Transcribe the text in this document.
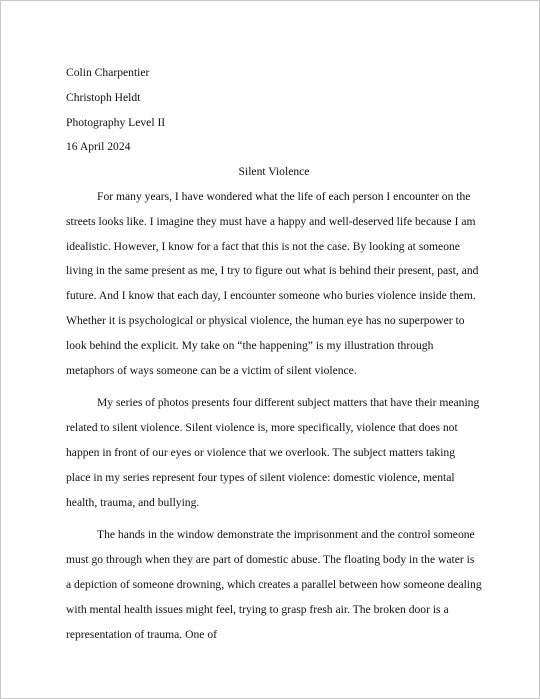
Colin Charpentier

Christoph Heldt

Photography Level II

16 April 2024

Silent Violence

For many years, I have wondered what the life of each person I encounter on the streets looks like. I imagine they must have a happy and well-deserved life because I am idealistic. However, I know for a fact that this is not the case. By looking at someone living in the same present as me, I try to figure out what is behind their present, past, and future. And I know that each day, I encounter someone who buries violence inside them. Whether it is psychological or physical violence, the human eye has no superpower to look behind the explicit. My take on “the happening” is my illustration through metaphors of ways someone can be a victim of silent violence.

My series of photos presents four different subject matters that have their meaning related to silent violence. Silent violence is, more specifically, violence that does not happen in front of our eyes or violence that we overlook. The subject matters taking place in my series represent four types of silent violence: domestic violence, mental health, trauma, and bullying.

The hands in the window demonstrate the imprisonment and the control someone must go through when they are part of domestic abuse. The floating body in the water is a depiction of someone drowning, which creates a parallel between how someone dealing with mental health issues might feel, trying to grasp fresh air. The broken door is a representation of trauma. One of
